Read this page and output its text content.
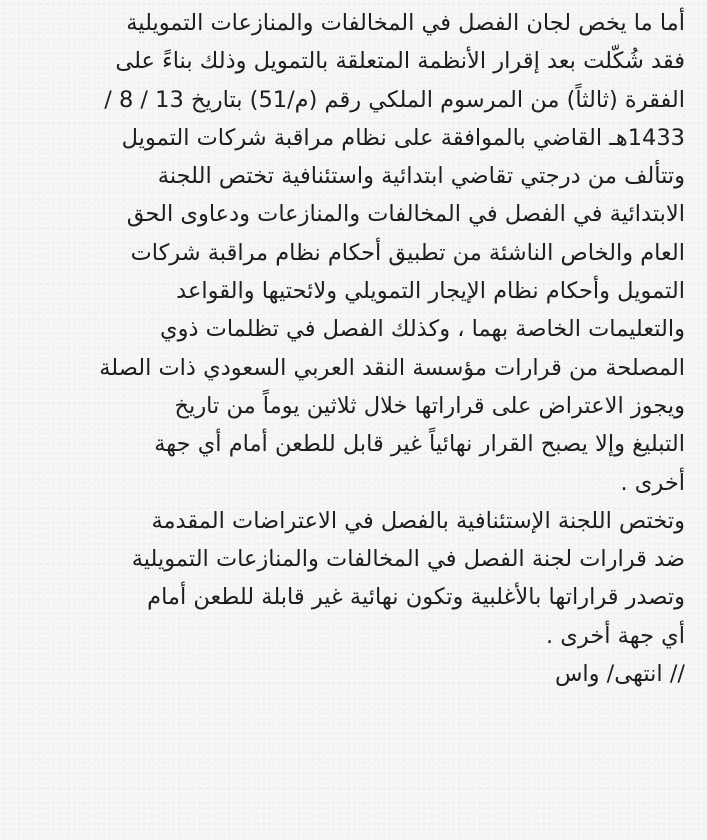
أما ما يخص لجان الفصل في المخالفات والمنازعات التمويلية
فقد شُكّلت بعد إقرار الأنظمة المتعلقة بالتمويل وذلك بناءً على
الفقرة (ثالثاً) من المرسوم الملكي رقم (م/51) بتاريخ 13 / 8 /
1433هـ القاضي بالموافقة على نظام مراقبة شركات التمويل
وتتألف من درجتي تقاضي ابتدائية واستئنافية تختص اللجنة
الابتدائية في الفصل في المخالفات والمنازعات ودعاوى الحق
العام والخاص الناشئة من تطبيق أحكام نظام مراقبة شركات
التمويل وأحكام نظام الإيجار التمويلي ولائحتيها والقواعد
والتعليمات الخاصة بهما ، وكذلك الفصل في تظلمات ذوي
المصلحة من قرارات مؤسسة النقد العربي السعودي ذات الصلة
ويجوز الاعتراض على قراراتها خلال ثلاثين يوماً من تاريخ
التبليغ وإلا يصبح القرار نهائياً غير قابل للطعن أمام أي جهة
أخرى .
وتختص اللجنة الإستئنافية بالفصل في الاعتراضات المقدمة
ضد قرارات لجنة الفصل في المخالفات والمنازعات التمويلية
وتصدر قراراتها بالأغلبية وتكون نهائية غير قابلة للطعن أمام
أي جهة أخرى .
// انتهى/ واس
